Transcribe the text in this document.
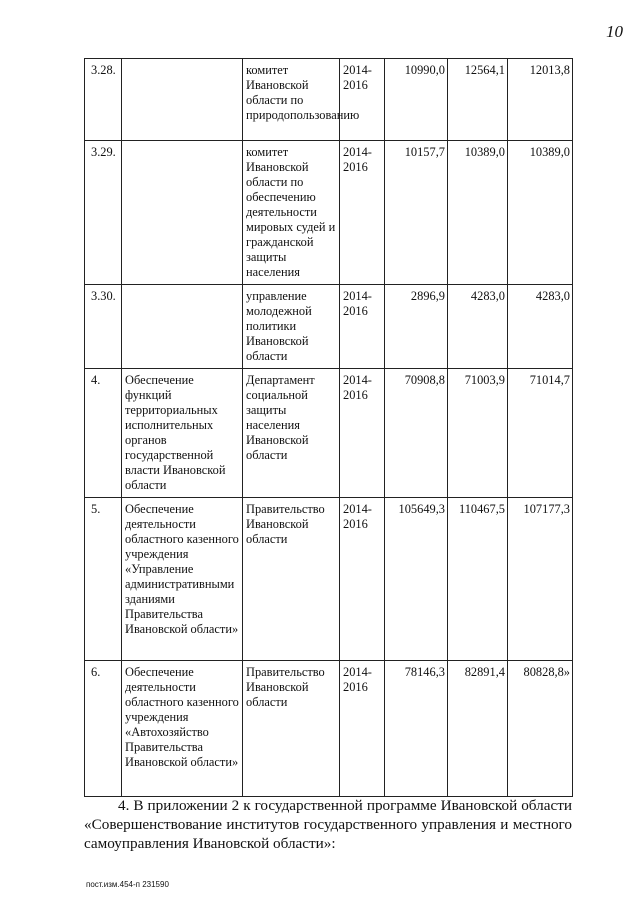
10
3.28.		комитет Ивановской области по природопользованию	2014-2016	10990,0	12564,1	12013,8
3.29.		комитет Ивановской области по обеспечению деятельности мировых судей и гражданской защиты населения	2014-2016	10157,7	10389,0	10389,0
3.30.		управление молодежной политики Ивановской области	2014-2016	2896,9	4283,0	4283,0
4.	Обеспечение функций территориальных исполнительных органов государственной власти Ивановской области	Департамент социальной защиты населения Ивановской области	2014-2016	70908,8	71003,9	71014,7
5.	Обеспечение деятельности областного казенного учреждения «Управление административными зданиями Правительства Ивановской области»	Правительство Ивановской области	2014-2016	105649,3	110467,5	107177,3
6.	Обеспечение деятельности областного казенного учреждения «Автохозяйство Правительства Ивановской области»	Правительство Ивановской области	2014-2016	78146,3	82891,4	80828,8»

4. В приложении 2 к государственной программе Ивановской области «Совершенствование институтов государственного управления и местного самоуправления Ивановской области»:

пост.изм.454-п 231590
